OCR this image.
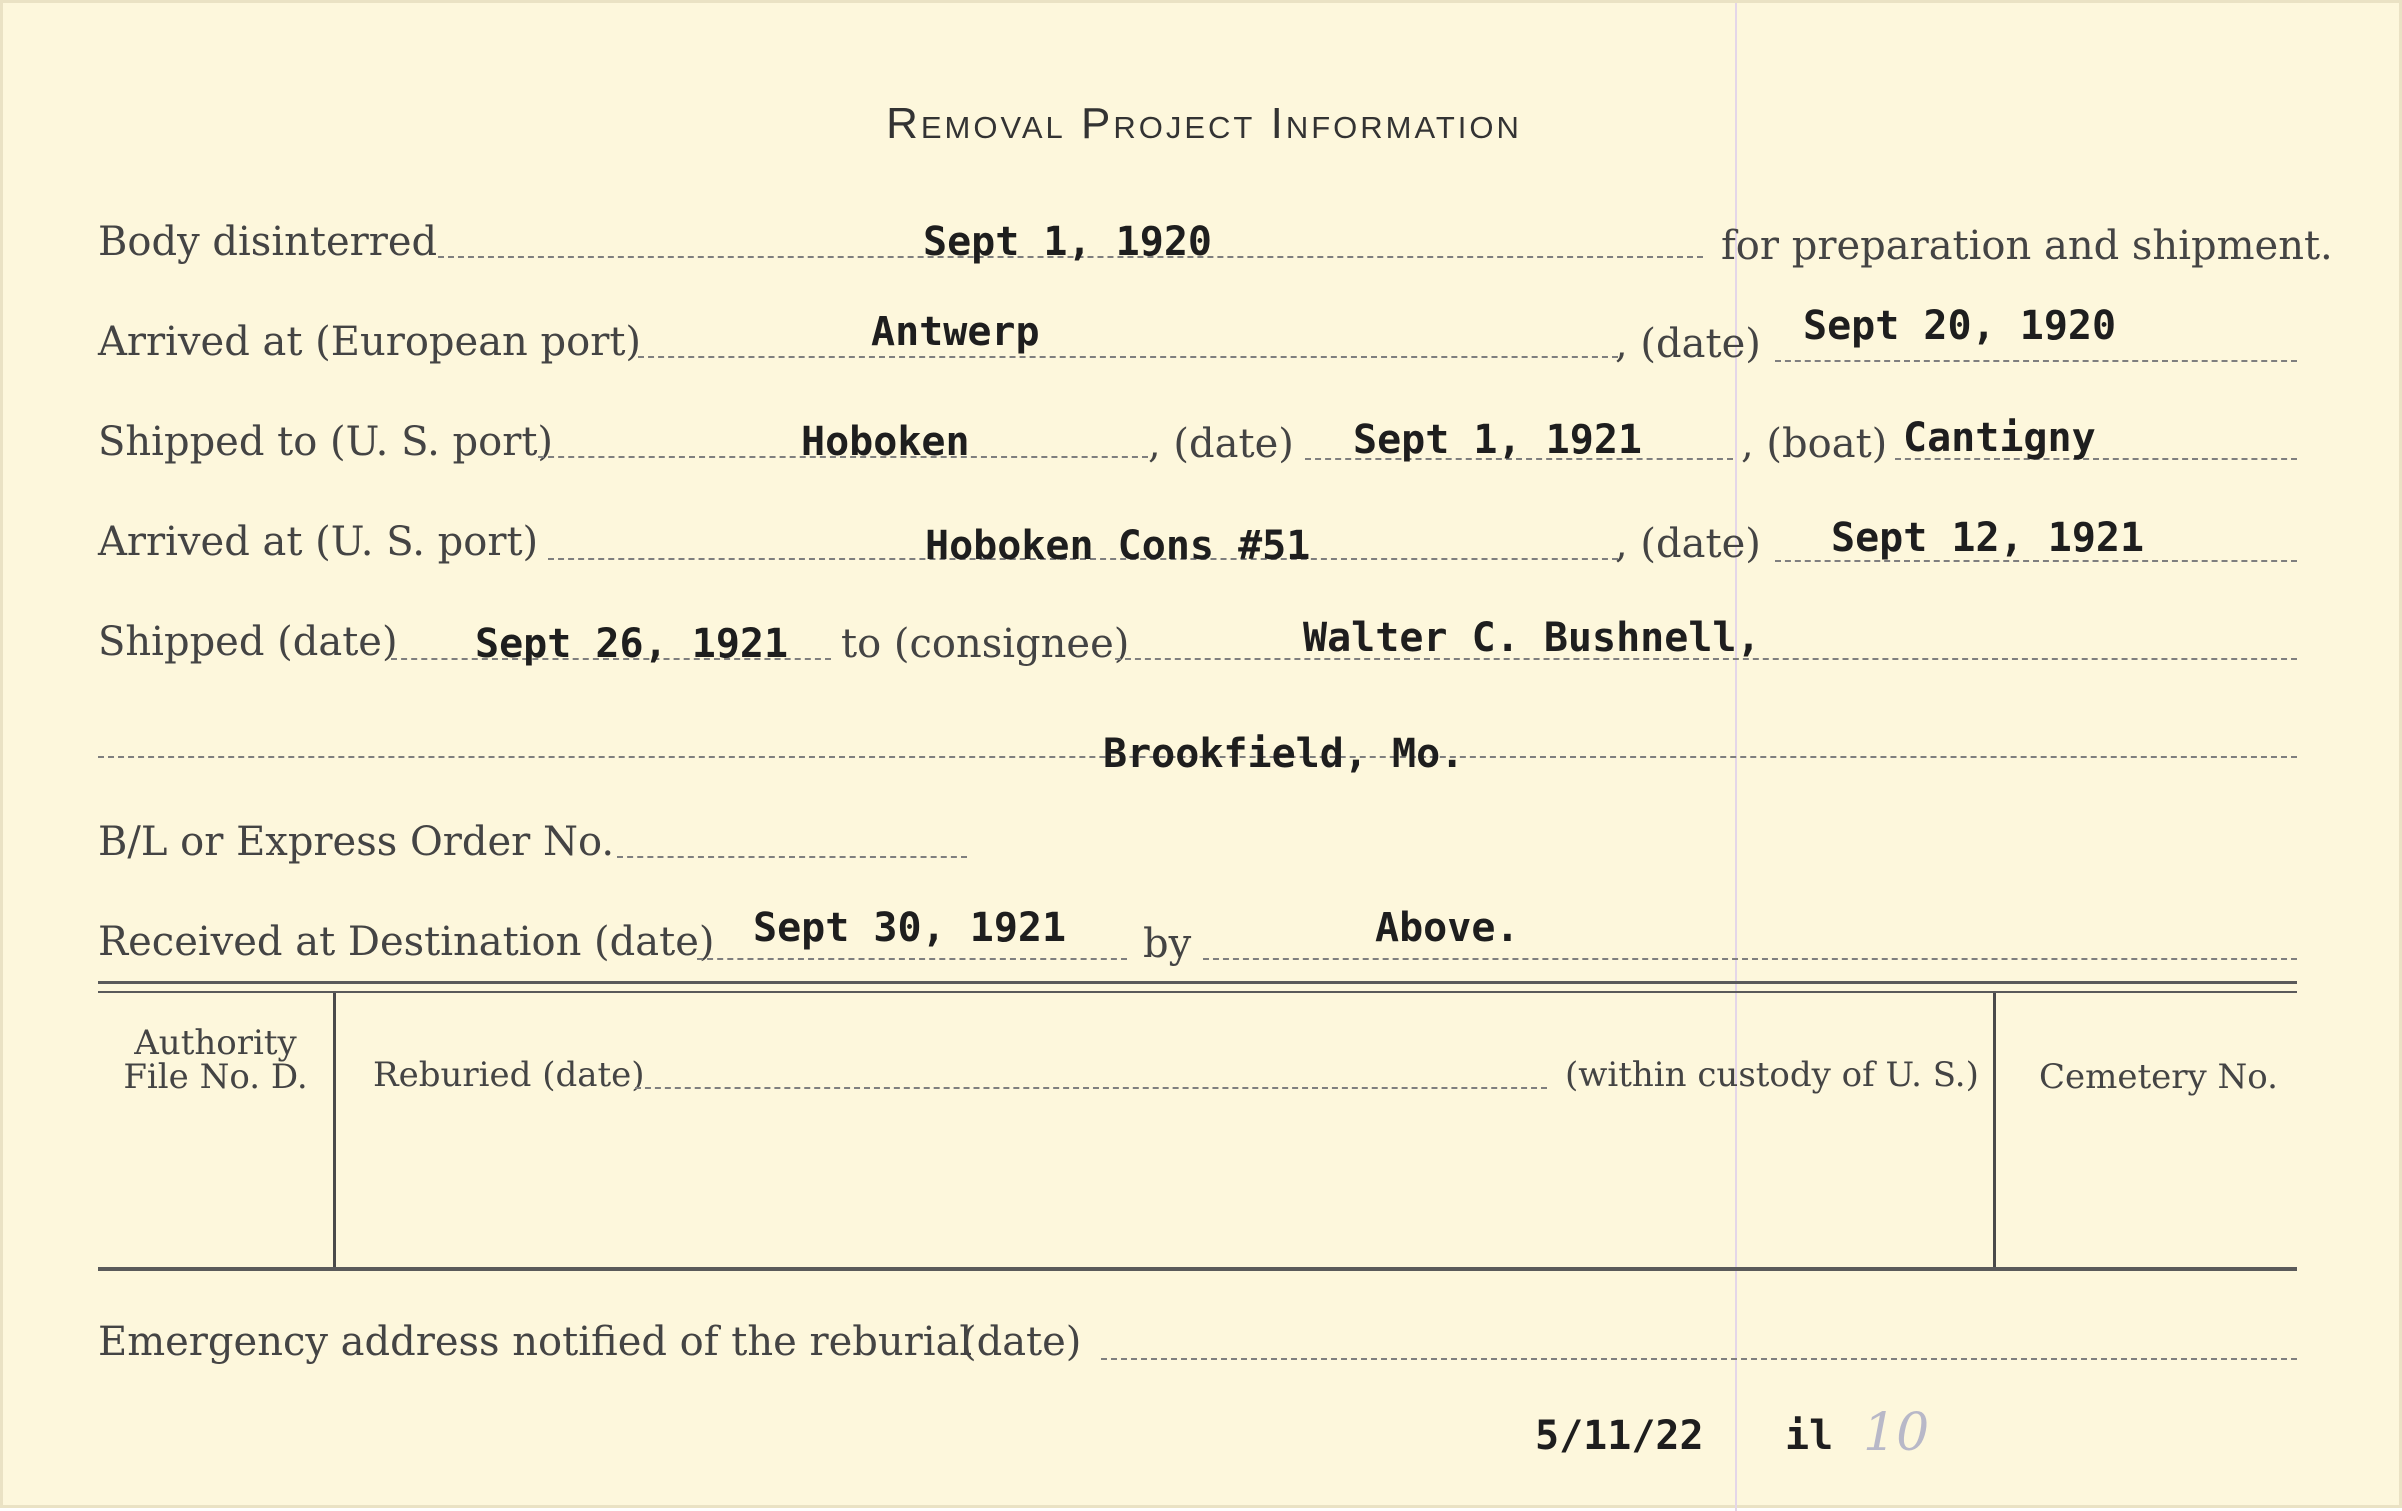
Removal Project Information
Body disinterred	Sept 1, 1920	for preparation and shipment.
Arrived at (European port)	Antwerp	, (date) Sept 20, 1920
Shipped to (U. S. port)	Hoboken	, (date) Sept 1, 1921 , (boat) Cantigny
Arrived at (U. S. port)	Hoboken Cons #51	, (date) Sept 12, 1921
Shipped (date) Sept 26, 1921 to (consignee)	Walter C. Bushnell,
Brookfield, Mo.
B/L or Express Order No.
Received at Destination (date) Sept 30, 1921 by	Above.
Authority
File No. D.	Reburied (date)	(within custody of U. S.) Cemetery No.
Emergency address notified of the reburial
(date)
5/11/22 il 10
